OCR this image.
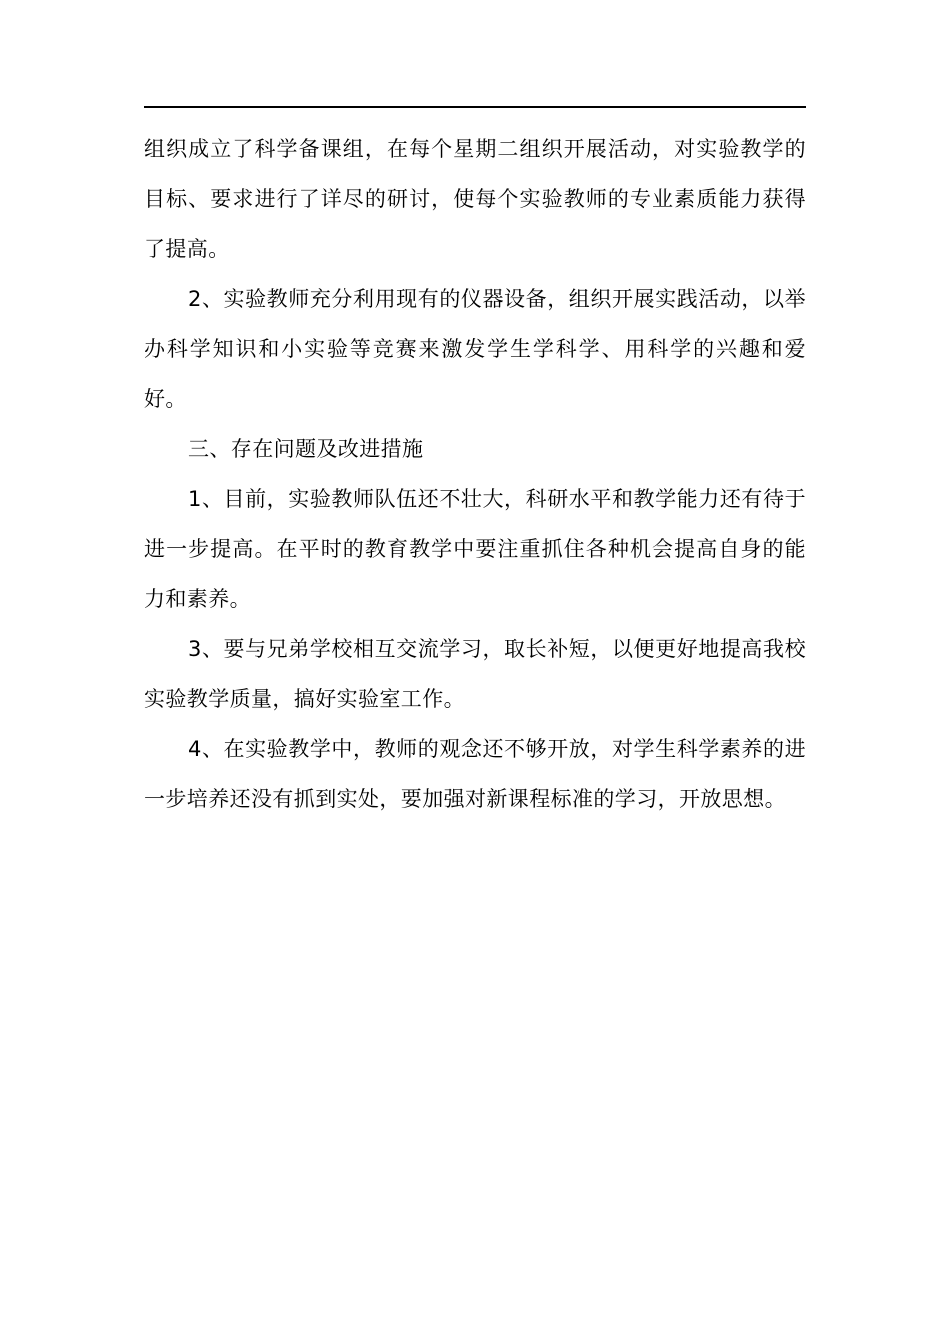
组织成立了科学备课组，在每个星期二组织开展活动，对实验教学的目标、要求进行了详尽的研讨，使每个实验教师的专业素质能力获得了提高。

2、实验教师充分利用现有的仪器设备，组织开展实践活动，以举办科学知识和小实验等竞赛来激发学生学科学、用科学的兴趣和爱好。

三、存在问题及改进措施

1、目前，实验教师队伍还不壮大，科研水平和教学能力还有待于进一步提高。在平时的教育教学中要注重抓住各种机会提高自身的能力和素养。

3、要与兄弟学校相互交流学习，取长补短，以便更好地提高我校实验教学质量，搞好实验室工作。

4、在实验教学中，教师的观念还不够开放，对学生科学素养的进一步培养还没有抓到实处，要加强对新课程标准的学习，开放思想。
